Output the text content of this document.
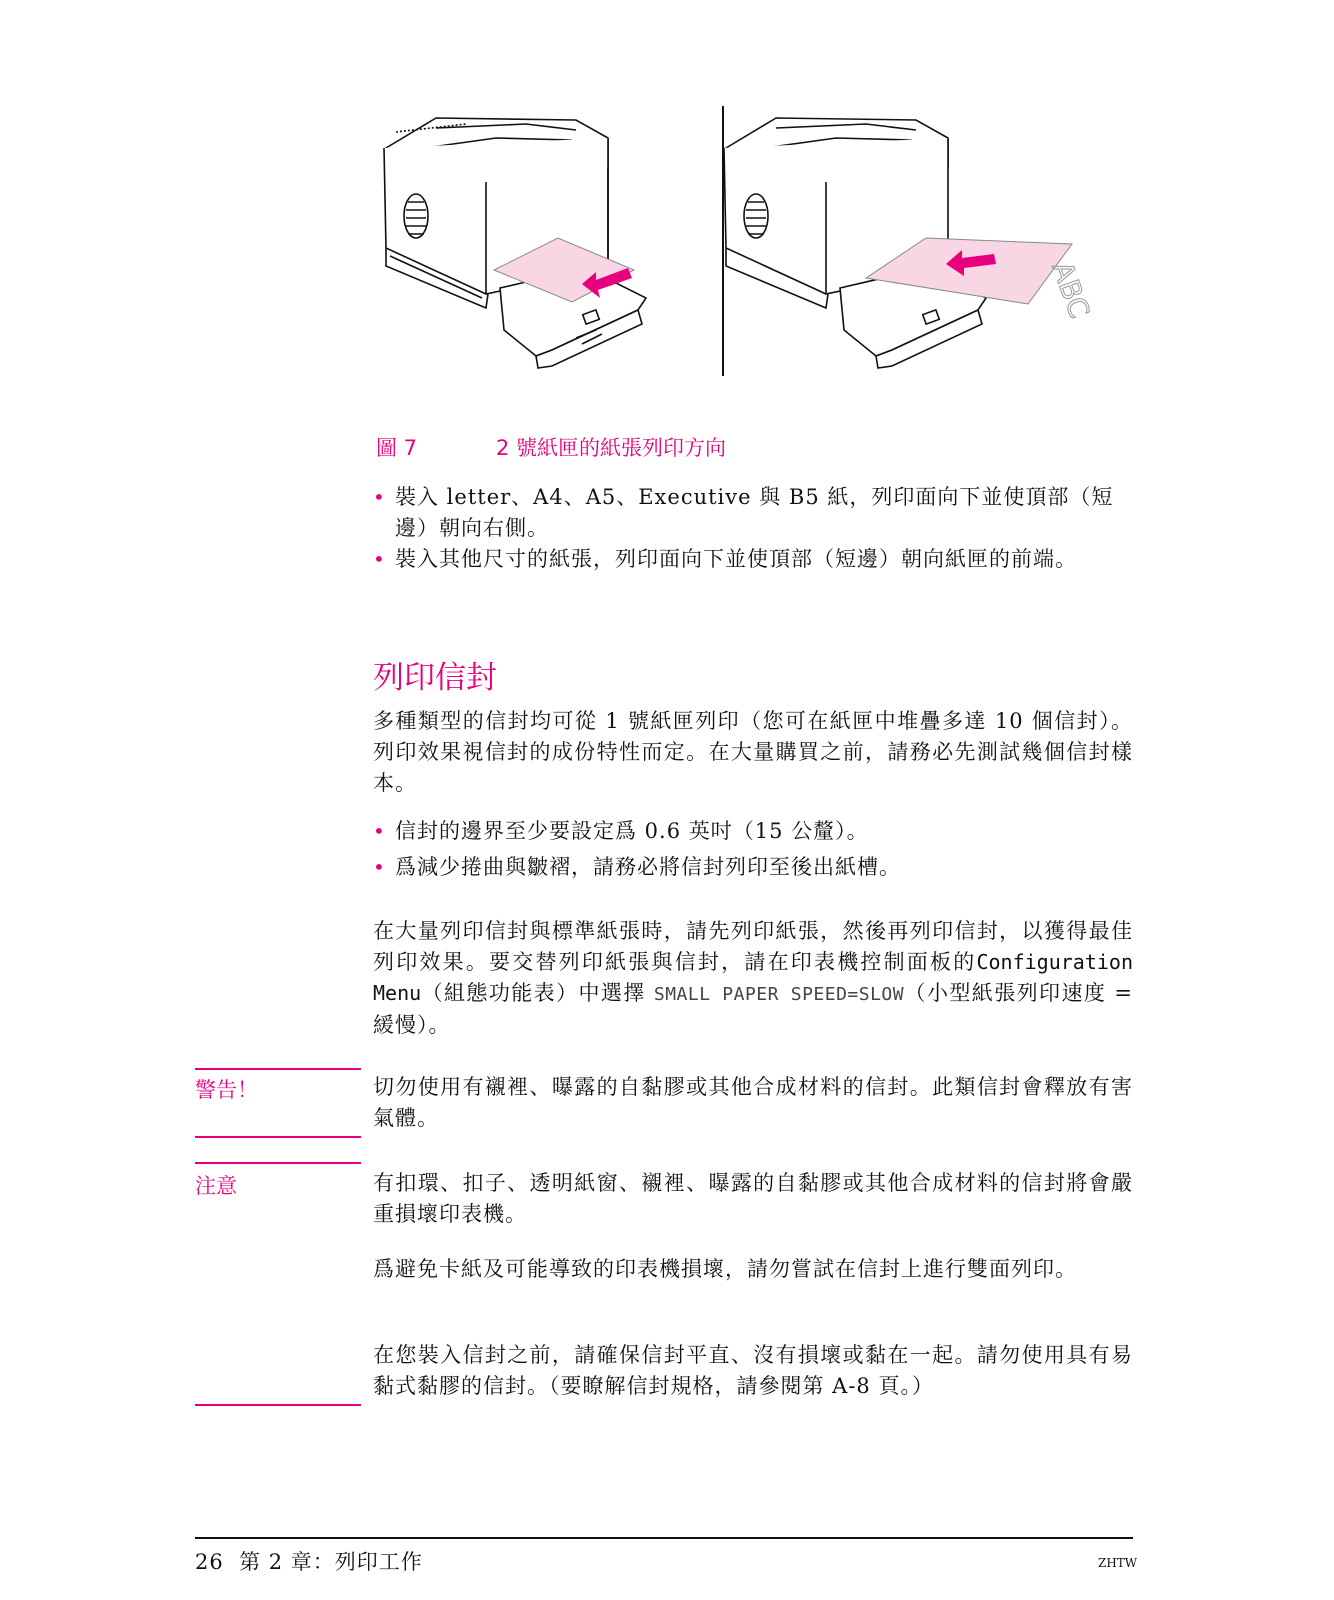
ABC
圖 7	2 號紙匣的紙張列印方向
• 裝入 letter、A4、A5、Executive 與 B5 紙，列印面向下並使頂部（短邊）朝向右側。
• 裝入其他尺寸的紙張，列印面向下並使頂部（短邊）朝向紙匣的前端。
列印信封
多種類型的信封均可從 1 號紙匣列印（您可在紙匣中堆疊多達 10 個信封）。列印效果視信封的成份特性而定。在大量購買之前，請務必先測試幾個信封樣本。
• 信封的邊界至少要設定爲 0.6 英吋（15 公釐）。
• 爲減少捲曲與皺褶，請務必將信封列印至後出紙槽。
在大量列印信封與標準紙張時，請先列印紙張，然後再列印信封，以獲得最佳列印效果。要交替列印紙張與信封，請在印表機控制面板的Configuration Menu（組態功能表）中選擇 SMALL PAPER SPEED=SLOW（小型紙張列印速度 = 緩慢）。
警告！	切勿使用有襯裡、曝露的自黏膠或其他合成材料的信封。此類信封會釋放有害氣體。
注意	有扣環、扣子、透明紙窗、襯裡、曝露的自黏膠或其他合成材料的信封將會嚴重損壞印表機。
爲避免卡紙及可能導致的印表機損壞，請勿嘗試在信封上進行雙面列印。
在您裝入信封之前，請確保信封平直、沒有損壞或黏在一起。請勿使用具有易黏式黏膠的信封。（要瞭解信封規格，請參閱第 A-8 頁。）
26  第 2 章：列印工作	ZHTW
